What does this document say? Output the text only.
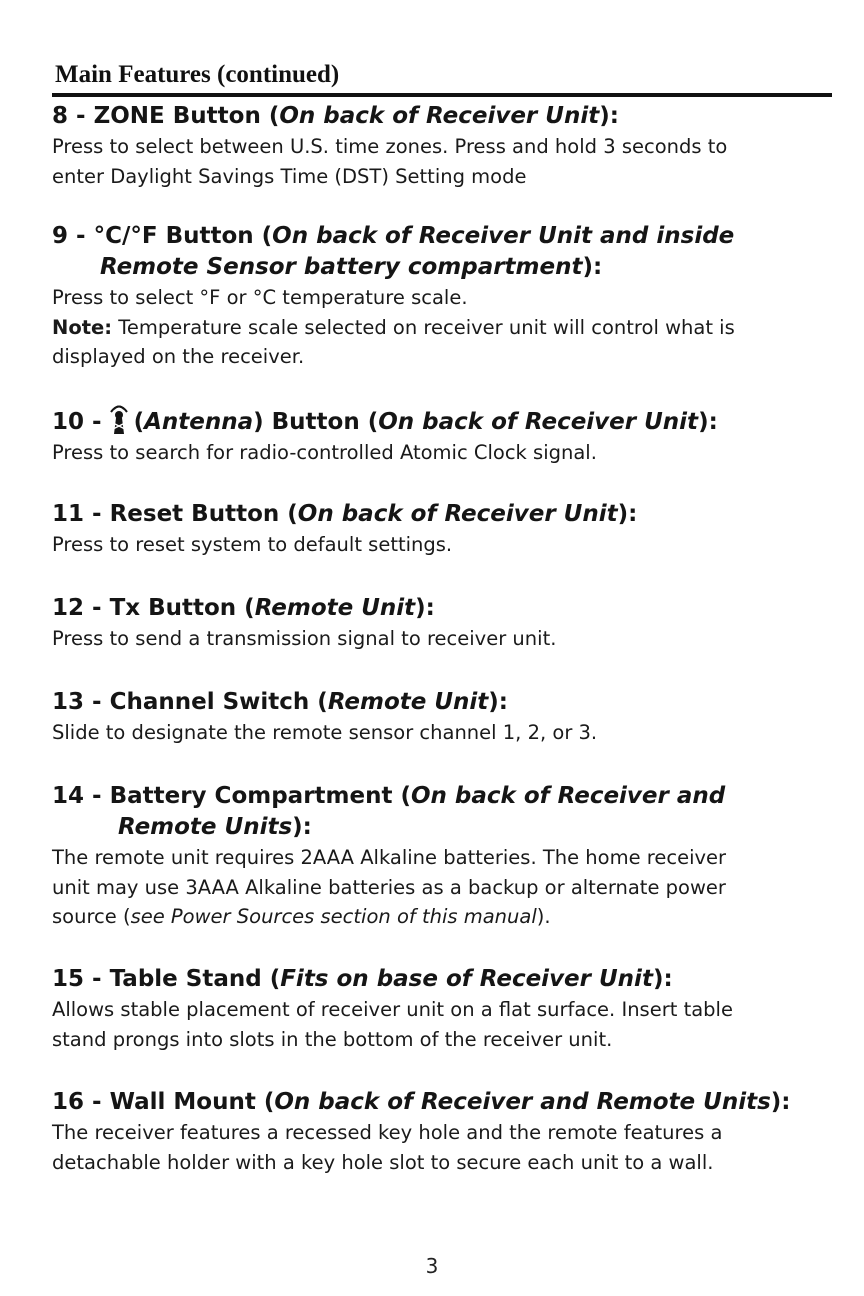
Main Features (continued)

8 - ZONE Button (On back of Receiver Unit):

Press to select between U.S. time zones. Press and hold 3 seconds to
enter Daylight Savings Time (DST) Setting mode

9 - °C/°F Button (On back of Receiver Unit and inside
Remote Sensor battery compartment):

Press to select °F or °C temperature scale.
Note: Temperature scale selected on receiver unit will control what is
displayed on the receiver.

10 - (Antenna) Button (On back of Receiver Unit):

Press to search for radio-controlled Atomic Clock signal.

11 - Reset Button (On back of Receiver Unit):

Press to reset system to default settings.

12 - Tx Button (Remote Unit):

Press to send a transmission signal to receiver unit.

13 - Channel Switch (Remote Unit):

Slide to designate the remote sensor channel 1, 2, or 3.

14 - Battery Compartment (On back of Receiver and
Remote Units):

The remote unit requires 2AAA Alkaline batteries. The home receiver
unit may use 3AAA Alkaline batteries as a backup or alternate power
source (see Power Sources section of this manual).

15 - Table Stand (Fits on base of Receiver Unit):

Allows stable placement of receiver unit on a flat surface. Insert table
stand prongs into slots in the bottom of the receiver unit.

16 - Wall Mount (On back of Receiver and Remote Units):

The receiver features a recessed key hole and the remote features a
detachable holder with a key hole slot to secure each unit to a wall.

3
